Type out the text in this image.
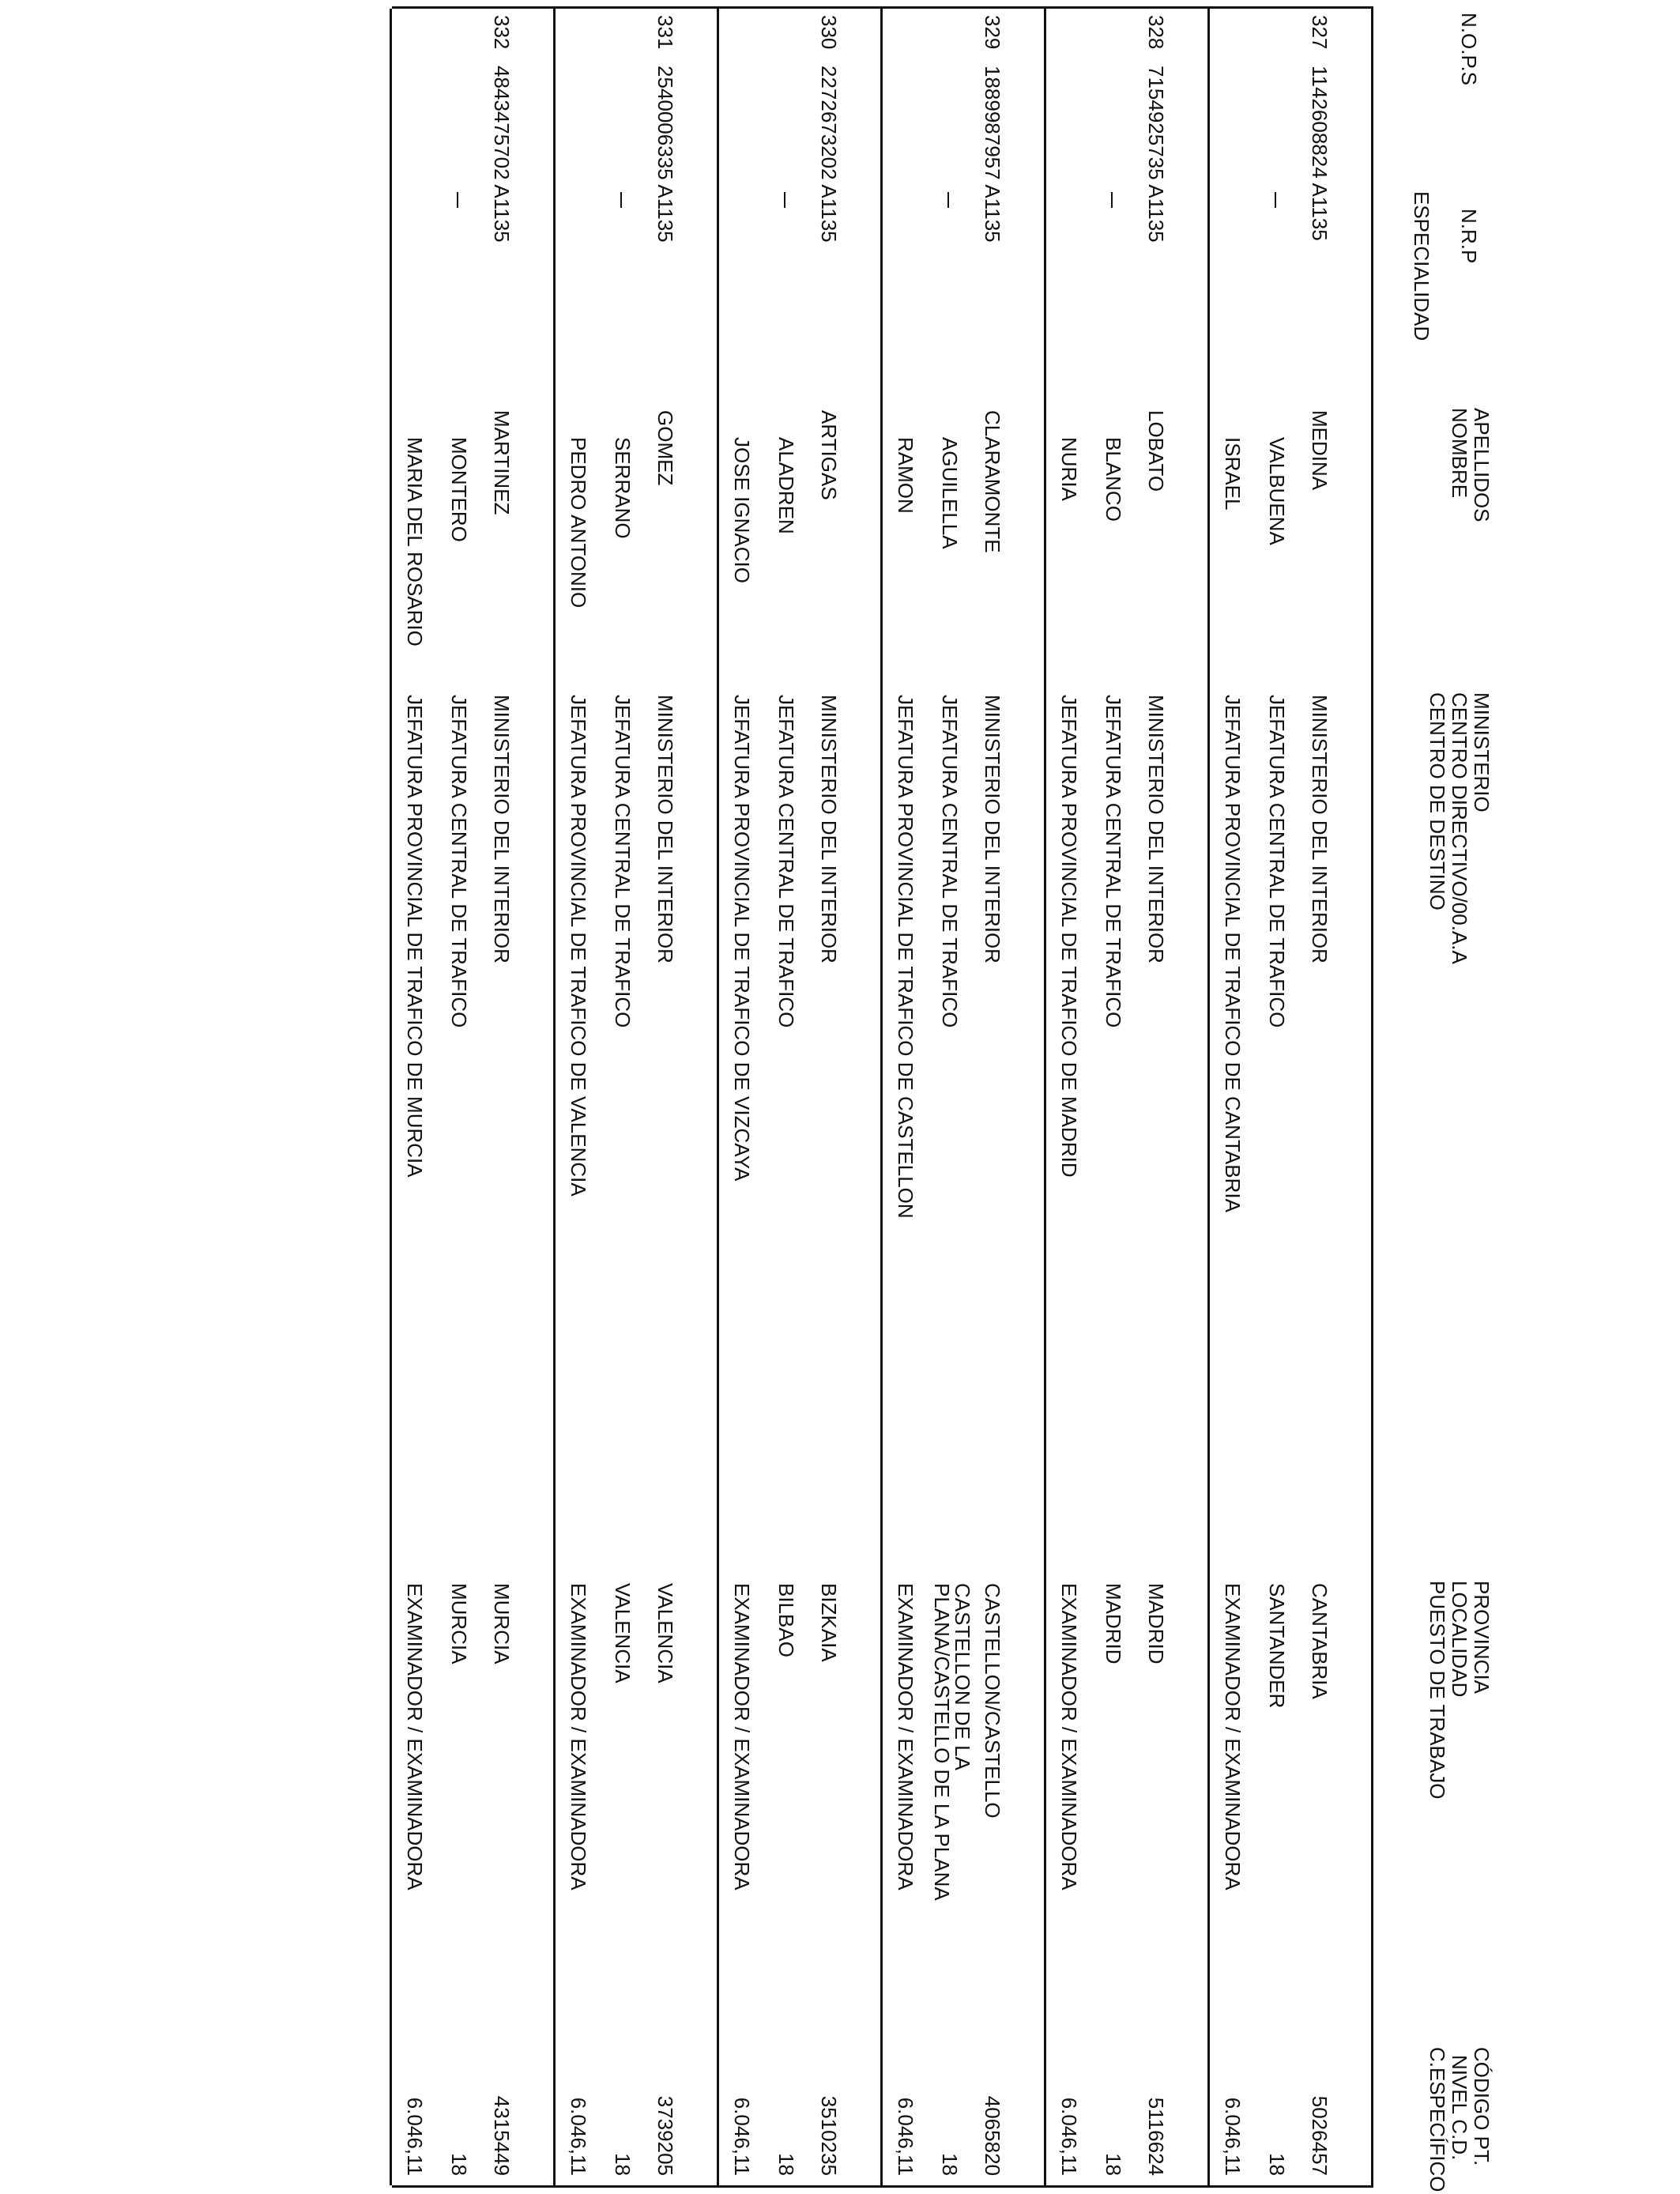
N.O.P.S
N.R.P
ESPECIALIDAD
APELLIDOS
NOMBRE
MINISTERIO
CENTRO DIRECTIVO/00.A.A
CENTRO DE DESTINO
PROVINCIA
LOCALIDAD
PUESTO DE TRABAJO
CÓDIGO PT.
NIVEL C.D.
C.ESPECÍFICO
327
1142608824 A1135
MEDINA
VALBUENA
ISRAEL
MINISTERIO DEL INTERIOR
JEFATURA CENTRAL DE TRAFICO
JEFATURA PROVINCIAL DE TRAFICO DE CANTABRIA
CANTABRIA
SANTANDER
EXAMINADOR / EXAMINADORA
5026457
18
6.046,11
328
7154925735 A1135
LOBATO
BLANCO
NURIA
MINISTERIO DEL INTERIOR
JEFATURA CENTRAL DE TRAFICO
JEFATURA PROVINCIAL DE TRAFICO DE MADRID
MADRID
MADRID
EXAMINADOR / EXAMINADORA
5116624
18
6.046,11
329
1889987957 A1135
CLARAMONTE
AGUILELLA
RAMON
MINISTERIO DEL INTERIOR
JEFATURA CENTRAL DE TRAFICO
JEFATURA PROVINCIAL DE TRAFICO DE CASTELLON
CASTELLON/CASTELLO
CASTELLON DE LA
PLANA/CASTELLO DE LA PLANA
EXAMINADOR / EXAMINADORA
4065820
18
6.046,11
330
2272673202 A1135
ARTIGAS
ALADREN
JOSE IGNACIO
MINISTERIO DEL INTERIOR
JEFATURA CENTRAL DE TRAFICO
JEFATURA PROVINCIAL DE TRAFICO DE VIZCAYA
BIZKAIA
BILBAO
EXAMINADOR / EXAMINADORA
3510235
18
6.046,11
331
2540006335 A1135
GOMEZ
SERRANO
PEDRO ANTONIO
MINISTERIO DEL INTERIOR
JEFATURA CENTRAL DE TRAFICO
JEFATURA PROVINCIAL DE TRAFICO DE VALENCIA
VALENCIA
VALENCIA
EXAMINADOR / EXAMINADORA
3739205
18
6.046,11
332
4843475702 A1135
MARTINEZ
MONTERO
MARIA DEL ROSARIO
MINISTERIO DEL INTERIOR
JEFATURA CENTRAL DE TRAFICO
JEFATURA PROVINCIAL DE TRAFICO DE MURCIA
MURCIA
MURCIA
EXAMINADOR / EXAMINADORA
4315449
18
6.046,11
